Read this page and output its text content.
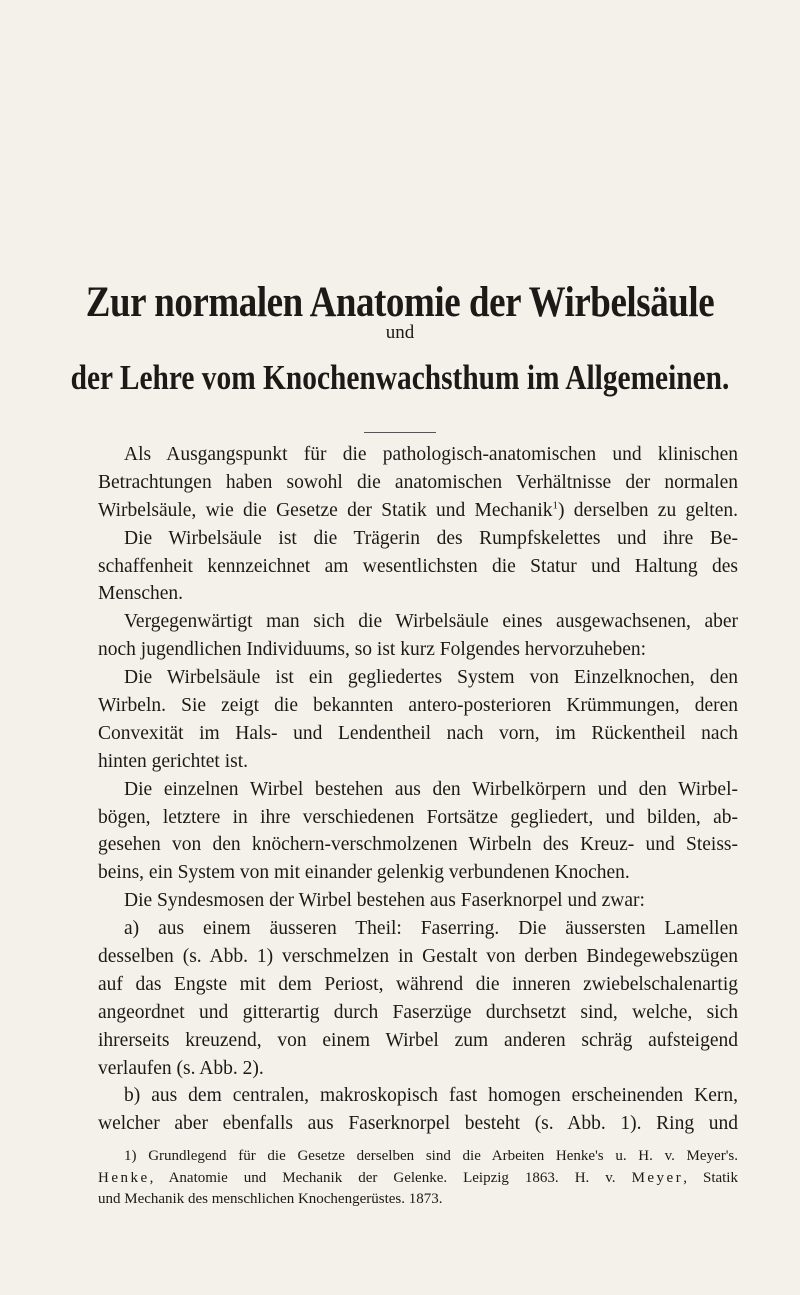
Zur normalen Anatomie der Wirbelsäule
und
der Lehre vom Knochenwachsthum im Allgemeinen.
Als Ausgangspunkt für die pathologisch-anatomischen und klinischen
Betrachtungen haben sowohl die anatomischen Verhältnisse der normalen
Wirbelsäule, wie die Gesetze der Statik und Mechanik$^1$) derselben zu gelten.
Die Wirbelsäule ist die Trägerin des Rumpfskelettes und ihre Be-
schaffenheit kennzeichnet am wesentlichsten die Statur und Haltung des
Menschen.
Vergegenwärtigt man sich die Wirbelsäule eines ausgewachsenen, aber
noch jugendlichen Individuums, so ist kurz Folgendes hervorzuheben:
Die Wirbelsäule ist ein gegliedertes System von Einzelknochen, den
Wirbeln. Sie zeigt die bekannten antero-posterioren Krümmungen, deren
Convexität im Hals- und Lendentheil nach vorn, im Rückentheil nach
hinten gerichtet ist.
Die einzelnen Wirbel bestehen aus den Wirbelkörpern und den Wirbel-
bögen, letztere in ihre verschiedenen Fortsätze gegliedert, und bilden, ab-
gesehen von den knöchern-verschmolzenen Wirbeln des Kreuz- und Steiss-
beins, ein System von mit einander gelenkig verbundenen Knochen.
Die Syndesmosen der Wirbel bestehen aus Faserknorpel und zwar:
a) aus einem äusseren Theil: Faserring. Die äussersten Lamellen
desselben (s. Abb. 1) verschmelzen in Gestalt von derben Bindegewebszügen
auf das Engste mit dem Periost, während die inneren zwiebelschalenartig
angeordnet und gitterartig durch Faserzüge durchsetzt sind, welche, sich
ihrerseits kreuzend, von einem Wirbel zum anderen schräg aufsteigend
verlaufen (s. Abb. 2).
b) aus dem centralen, makroskopisch fast homogen erscheinenden Kern,
welcher aber ebenfalls aus Faserknorpel besteht (s. Abb. 1). Ring und
1) Grundlegend für die Gesetze derselben sind die Arbeiten Henke's u. H. v. Meyer's.
Henke, Anatomie und Mechanik der Gelenke. Leipzig 1863. H. v. Meyer, Statik
und Mechanik des menschlichen Knochengerüstes. 1873.
